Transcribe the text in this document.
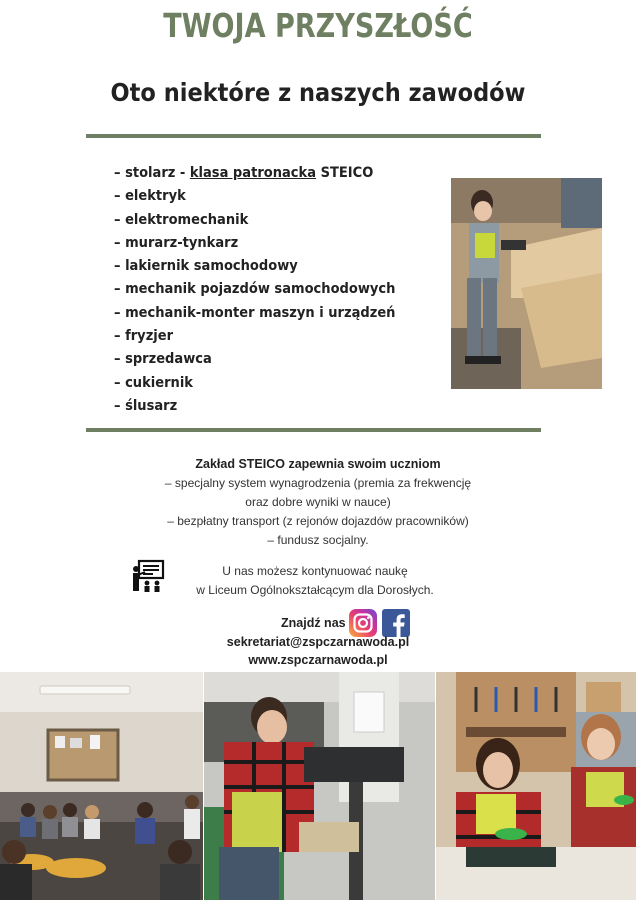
TWOJA PRZYSZŁOŚĆ
Oto niektóre z naszych zawodów
– stolarz - klasa patronacka STEICO
– elektryk
– elektromechanik
– murarz-tynkarz
– lakiernik samochodowy
– mechanik pojazdów samochodowych
– mechanik-monter maszyn i urządzeń
– fryzjer
– sprzedawca
– cukiernik
– ślusarz
Zakład STEICO zapewnia swoim uczniom
– specjalny system wynagrodzenia (premia za frekwencję
oraz dobre wyniki w nauce)
– bezpłatny transport (z rejonów dojazdów pracowników)
– fundusz socjalny.
U nas możesz kontynuować naukę
w Liceum Ogólnokształcącym dla Dorosłych.
Znajdź nas
sekretariat@zspczarnawoda.pl
www.zspczarnawoda.pl
